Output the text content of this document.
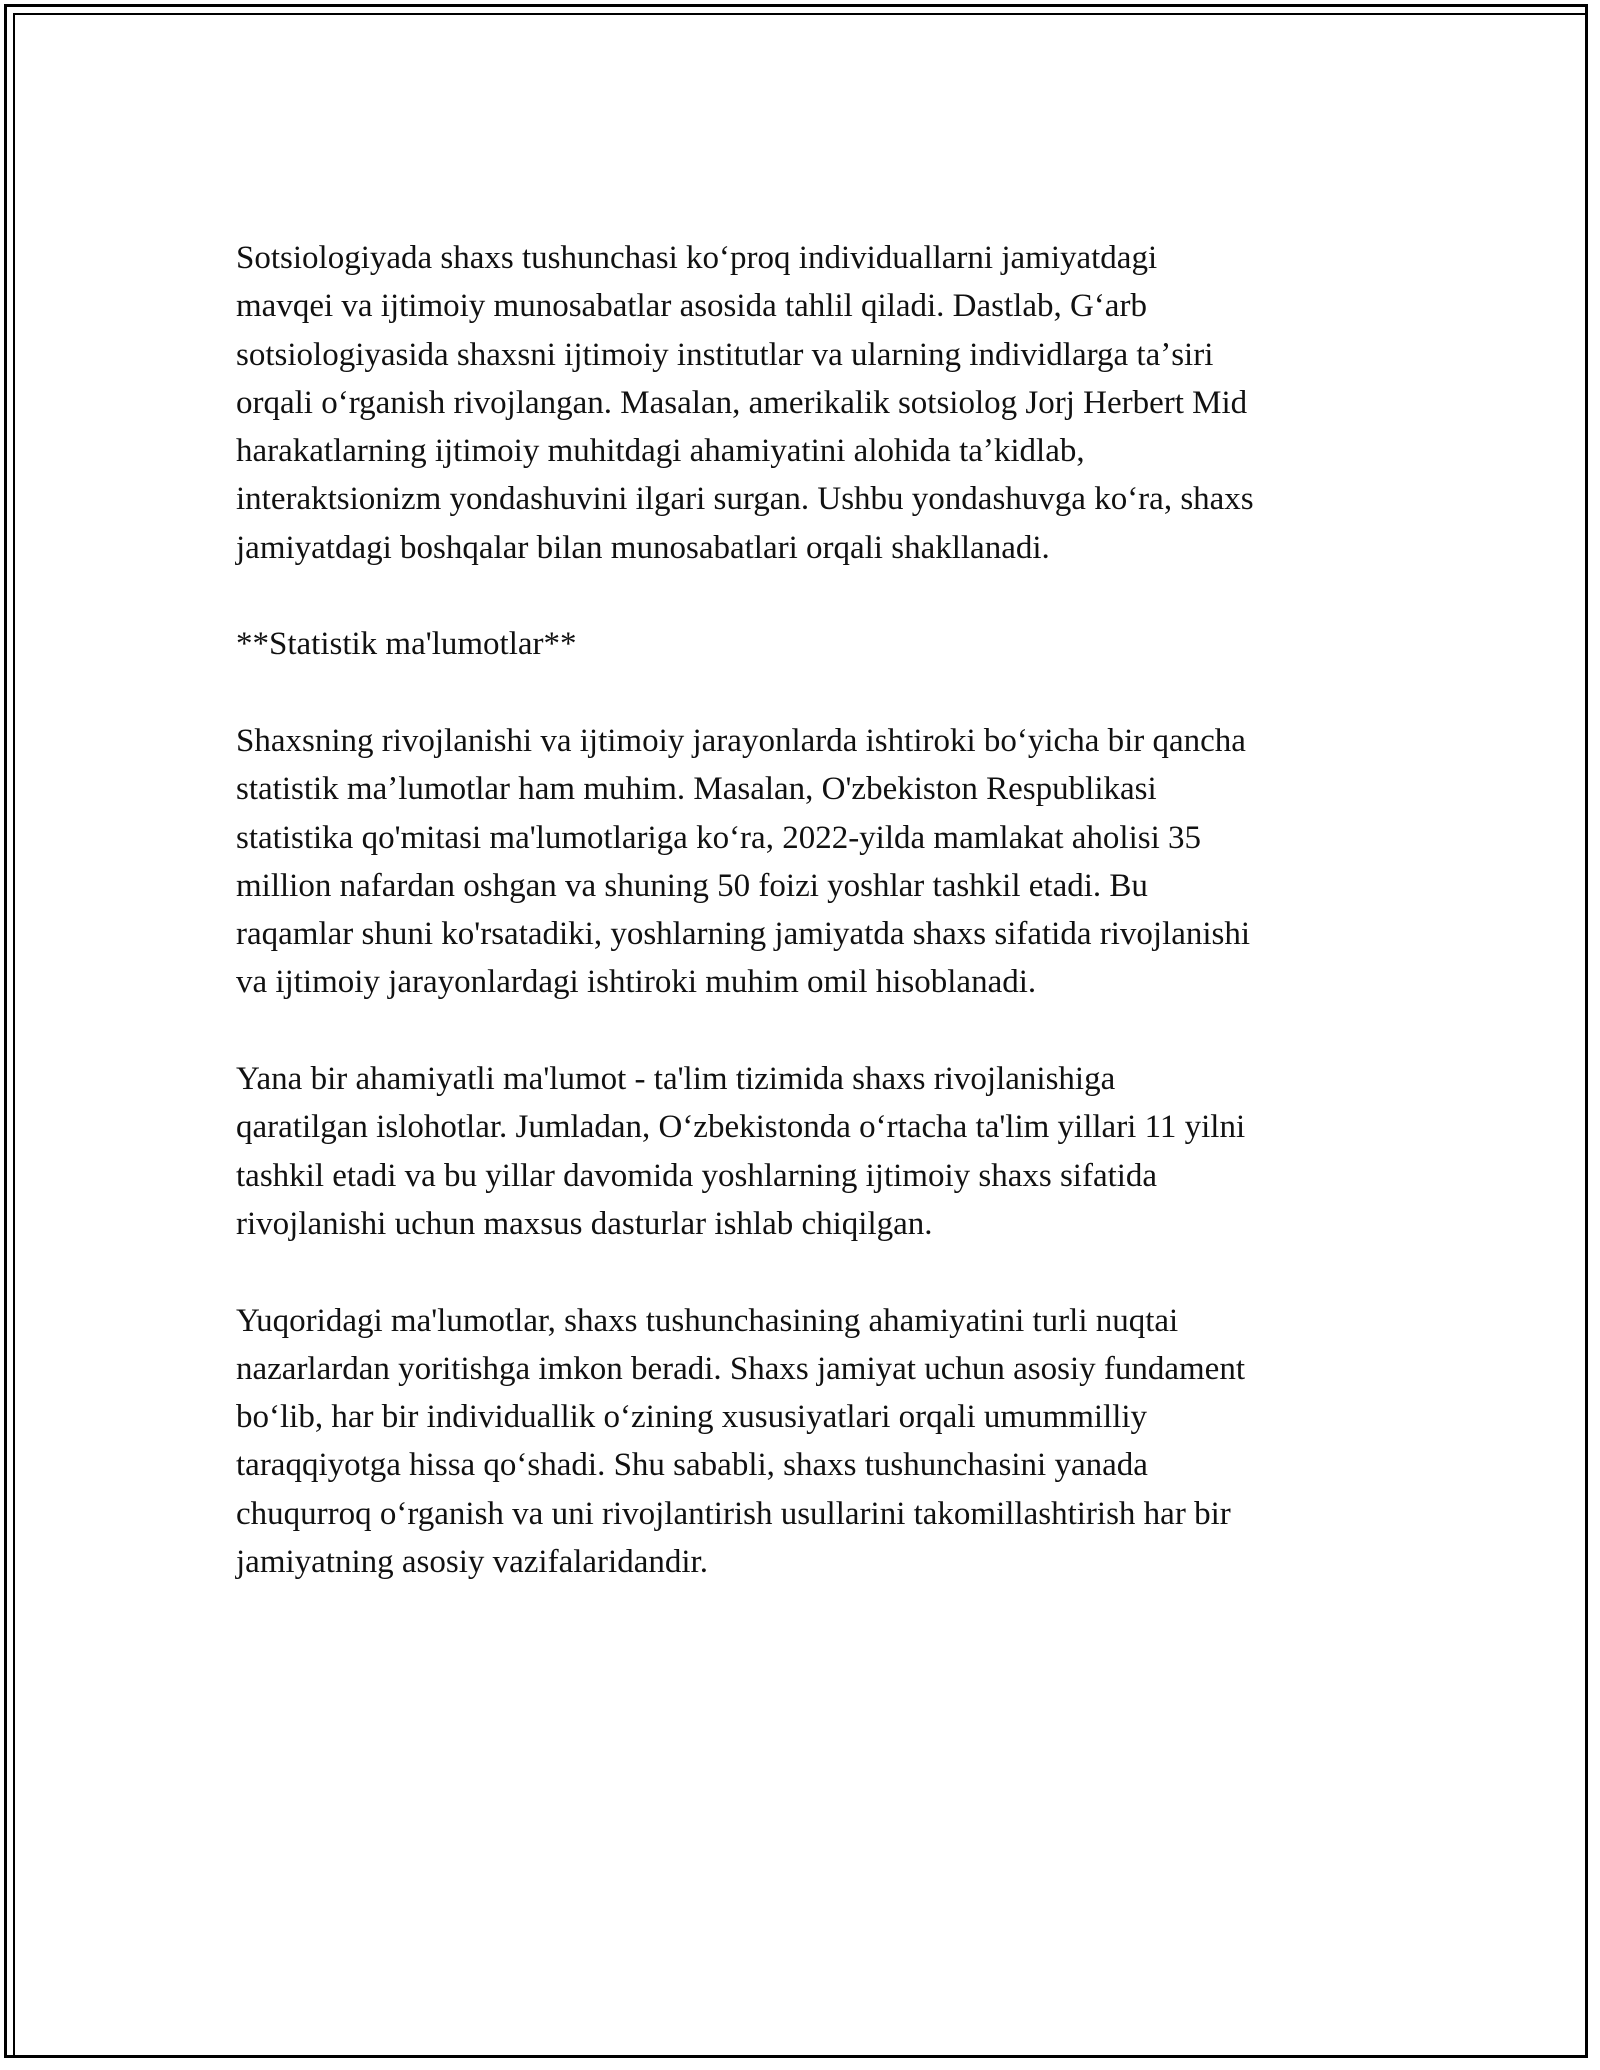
Sotsiologiyada shaxs tushunchasi koʻproq individuallarni jamiyatdagi
mavqei va ijtimoiy munosabatlar asosida tahlil qiladi. Dastlab, Gʻarb
sotsiologiyasida shaxsni ijtimoiy institutlar va ularning individlarga taʼsiri
orqali oʻrganish rivojlangan. Masalan, amerikalik sotsiolog Jorj Herbert Mid
harakatlarning ijtimoiy muhitdagi ahamiyatini alohida taʼkidlab,
interaktsionizm yondashuvini ilgari surgan. Ushbu yondashuvga koʻra, shaxs
jamiyatdagi boshqalar bilan munosabatlari orqali shakllanadi.

**Statistik ma'lumotlar**

Shaxsning rivojlanishi va ijtimoiy jarayonlarda ishtiroki boʻyicha bir qancha
statistik maʼlumotlar ham muhim. Masalan, O'zbekiston Respublikasi
statistika qo'mitasi ma'lumotlariga koʻra, 2022-yilda mamlakat aholisi 35
million nafardan oshgan va shuning 50 foizi yoshlar tashkil etadi. Bu
raqamlar shuni ko'rsatadiki, yoshlarning jamiyatda shaxs sifatida rivojlanishi
va ijtimoiy jarayonlardagi ishtiroki muhim omil hisoblanadi.

Yana bir ahamiyatli ma'lumot - ta'lim tizimida shaxs rivojlanishiga
qaratilgan islohotlar. Jumladan, Oʻzbekistonda oʻrtacha ta'lim yillari 11 yilni
tashkil etadi va bu yillar davomida yoshlarning ijtimoiy shaxs sifatida
rivojlanishi uchun maxsus dasturlar ishlab chiqilgan.

Yuqoridagi ma'lumotlar, shaxs tushunchasining ahamiyatini turli nuqtai
nazarlardan yoritishga imkon beradi. Shaxs jamiyat uchun asosiy fundament
boʻlib, har bir individuallik oʻzining xususiyatlari orqali umummilliy
taraqqiyotga hissa qoʻshadi. Shu sababli, shaxs tushunchasini yanada
chuqurroq oʻrganish va uni rivojlantirish usullarini takomillashtirish har bir
jamiyatning asosiy vazifalaridandir.
